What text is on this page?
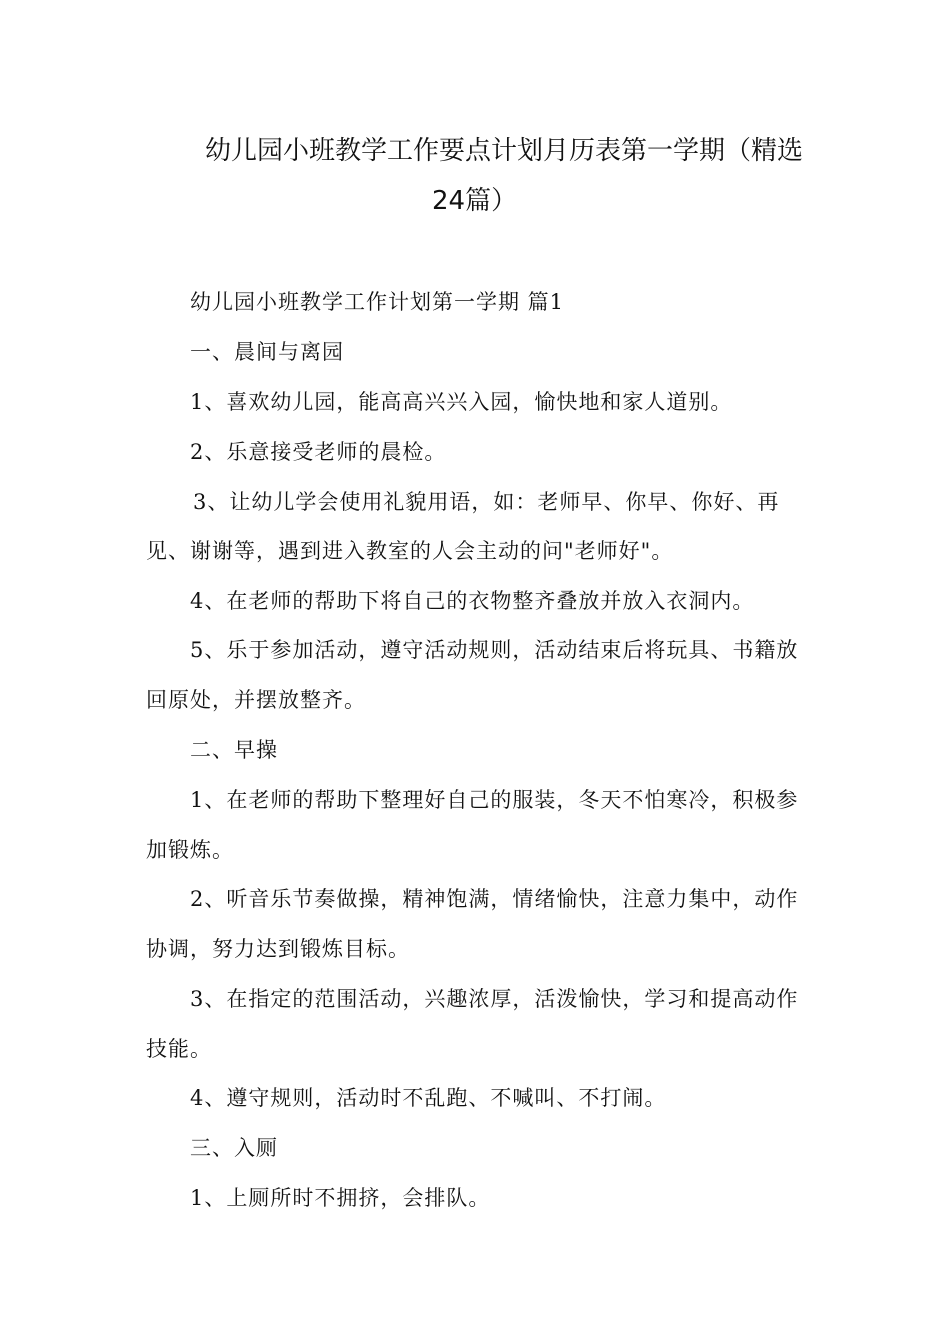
幼儿园小班教学工作要点计划月历表第一学期（精选
24篇）
幼儿园小班教学工作计划第一学期 篇1
一、晨间与离园
1、喜欢幼儿园，能高高兴兴入园，愉快地和家人道别。
2、乐意接受老师的晨检。
3、让幼儿学会使用礼貌用语，如：老师早、你早、你好、再
见、谢谢等，遇到进入教室的人会主动的问"老师好"。
4、在老师的帮助下将自己的衣物整齐叠放并放入衣洞内。
5、乐于参加活动，遵守活动规则，活动结束后将玩具、书籍放
回原处，并摆放整齐。
二、早操
1、在老师的帮助下整理好自己的服装，冬天不怕寒冷，积极参
加锻炼。
2、听音乐节奏做操，精神饱满，情绪愉快，注意力集中，动作
协调，努力达到锻炼目标。
3、在指定的范围活动，兴趣浓厚，活泼愉快，学习和提高动作
技能。
4、遵守规则，活动时不乱跑、不喊叫、不打闹。
三、入厕
1、上厕所时不拥挤，会排队。
